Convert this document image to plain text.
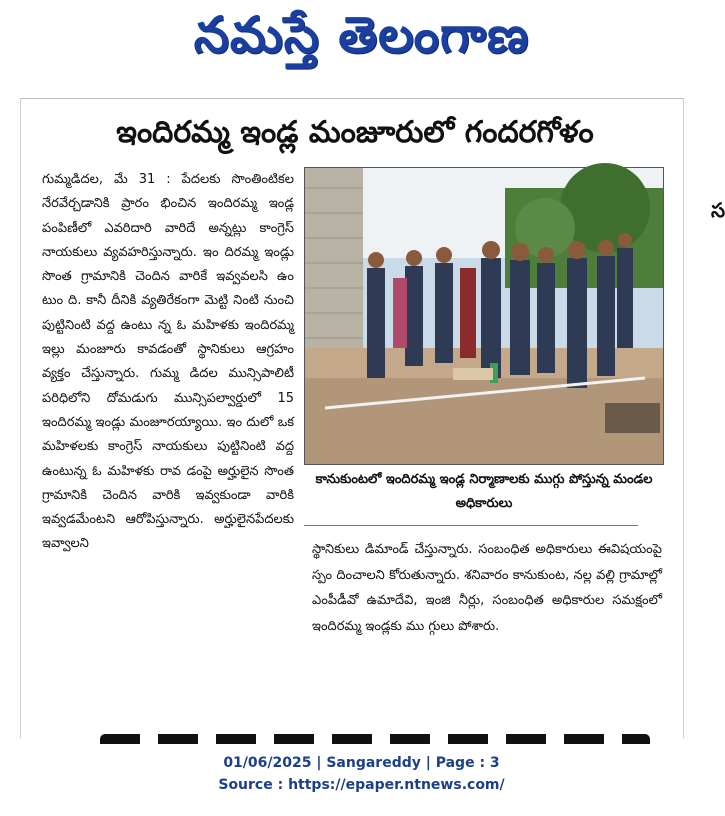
నమస్తే తెలంగాణ
ఇందిరమ్మ ఇండ్ల మంజూరులో గందరగోళం

గుమ్మడిదల, మే 31 : పేదలకు సొంతింటికల నేరవేర్చడానికి ప్రారం భించిన ఇందిరమ్మ ఇండ్ల పంపిణీలో ఎవరిదారి వారిదే అన్నట్లు కాంగ్రెస్ నాయకులు వ్యవహరిస్తున్నారు. ఇం దిరమ్మ ఇండ్లు సొంత గ్రామానికి చెందిన వారికే ఇవ్వవలసి ఉం టుం ది. కానీ దీనికి వ్యతిరేకంగా మెట్టి నింటి నుంచి పుట్టినింటి వద్ద ఉంటు న్న ఓ మహిళకు ఇందిరమ్మ ఇల్లు మంజూరు కావడంతో స్థానికులు ఆగ్రహం వ్యక్తం చేస్తున్నారు. గుమ్మ డిదల మున్సిపాలిటీ పరిధిలోని దోమడుగు మున్సిపల్వార్డులో 15 ఇందిరమ్మ ఇండ్లు మంజూరయ్యాయి. ఇం దులో ఒక మహిళలకు కాంగ్రెస్ నాయకులు పుట్టినింటి వద్ద ఉంటున్న ఓ మహిళకు రావ డంపై అర్హులైన సొంత గ్రామానికి చెందిన వారికి ఇవ్వకుండా వారికి ఇవ్వడమేంటని ఆరోపిస్తున్నారు. అర్హులైనపేదలకు ఇవ్వాలని

కానుకుంటలో ఇందిరమ్మ ఇండ్ల నిర్మాణాలకు ముగ్గు పోస్తున్న మండల అధికారులు

స్థానికులు డిమాండ్ చేస్తున్నారు. సంబంధిత అధికారులు ఈవిషయంపై స్పం దించాలని కోరుతున్నారు. శనివారం కానుకుంట, నల్ల వల్లి గ్రామాల్లో ఎంపీడీవో ఉమాదేవి, ఇంజి నీర్లు, సంబంధిత అధికారుల సమక్షంలో ఇందిరమ్మ ఇండ్లకు ము గ్గులు పోశారు.

స
01/06/2025 | Sangareddy | Page : 3
Source : https://epaper.ntnews.com/
